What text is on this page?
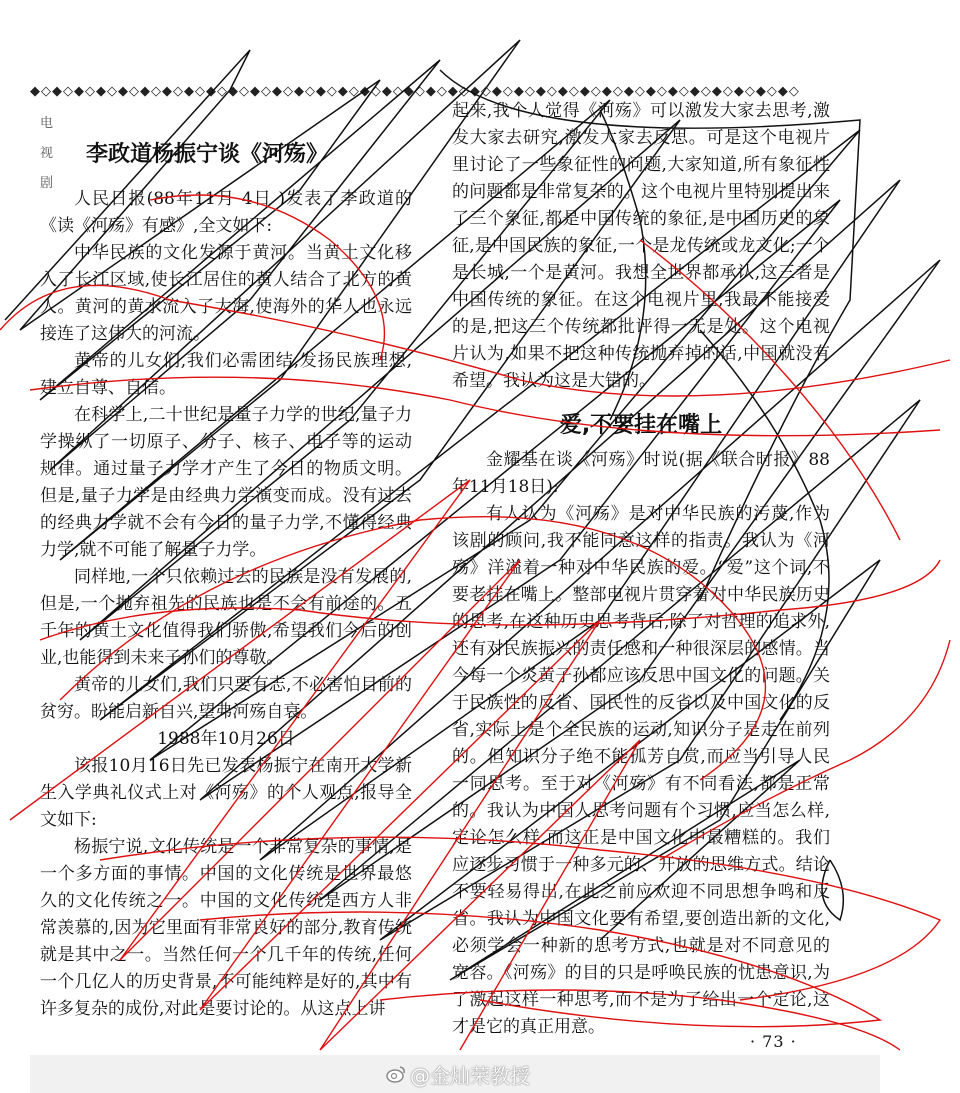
◆◇◆◇◆◇◆◇◆◇◆◇◆◇◆◇◆◇◆◇◆◇◆◇◆◇◆◇◆◇◆◇◆◇◆◇◆◇◆◇◆◇◆◇◆◇◆◇◆◇◆◇◆◇◆◇◆◇◆◇◆◇◆◇◆◇◆◇◆◇
电
视
剧
李政道杨振宁谈《河殇》

人民日报(88年11月 4日 )发表了李政道的《读《河殇》有感》,全文如下:

中华民族的文化发源于黄河。当黄土文化移入了长江区域,使长江居住的黄人结合了北方的黄人。黄河的黄水流入了大海,使海外的华人也永远接连了这伟大的河流。

黄帝的儿女们,我们必需团结,发扬民族理想,建立自尊、自信。

在科学上,二十世纪是量子力学的世纪,量子力学操纵了一切原子、分子、核子、电子等的运动规律。通过量子力学才产生了今日的物质文明。但是,量子力学是由经典力学演变而成。没有过去的经典力学就不会有今日的量子力学,不懂得经典力学,就不可能了解量子力学。

同样地,一个只依赖过去的民族是没有发展的,但是,一个抛弃祖先的民族也是不会有前途的。五千年的黄土文化值得我们骄傲,希望我们今后的创业,也能得到未来子孙们的尊敬。

黄帝的儿女们,我们只要有志,不必害怕目前的贫穷。盼能启新自兴,望弗河殇自衰。

1988年10月26日

该报10月16日先已发表杨振宁在南开大学新生入学典礼仪式上对《河殇》的个人观点,报导全文如下:

杨振宁说,文化传统是一个非常复杂的事情,是一个多方面的事情。中国的文化传统是世界最悠久的文化传统之一。中国的文化传统是西方人非常羡慕的,因为它里面有非常良好的部分,教育传统就是其中之一。当然任何一个几千年的传统,任何一个几亿人的历史背景,不可能纯粹是好的,其中有许多复杂的成份,对此是要讨论的。从这点上讲

起来,我个人觉得《河殇》可以激发大家去思考,激发大家去研究,激发大家去反思。可是这个电视片里讨论了一些象征性的问题,大家知道,所有象征性的问题都是非常复杂的。这个电视片里特别提出来了三个象征,都是中国传统的象征,是中国历史的象征,是中国民族的象征,一个是龙传统或龙文化;一个是长城,一个是黄河。我想全世界都承认,这三者是中国传统的象征。在这个电视片里,我最不能接受的是,把这三个传统都批评得一无是处。这个电视片认为,如果不把这种传统抛弃掉的话,中国就没有希望。我认为这是大错的。

爱,不要挂在嘴上

金耀基在谈《河殇》时说(据《联合时报》88年11月18日):

有人认为《河殇》是对中华民族的污蔑,作为该剧的顾问,我不能同意这样的指责。我认为《河殇》洋溢着一种对中华民族的爱。“爱”这个词,不要老挂在嘴上。整部电视片贯穿着对中华民族历史的思考,在这种历史思考背后,除了对哲理的追求外,还有对民族振兴的责任感和一种很深层的感情。当今每一个炎黄子孙都应该反思中国文化的问题。关于民族性的反省、国民性的反省以及中国文化的反省,实际上是个全民族的运动,知识分子是走在前列的。但知识分子绝不能孤芳自赏,而应当引导人民一同思考。至于对《河殇》有不同看法,都是正常的。我认为中国人思考问题有个习惯,应当怎么样,定论怎么样,而这正是中国文化中最糟糕的。我们应逐步习惯于一种多元的、开放的思维方式。结论不要轻易得出,在此之前应欢迎不同思想争鸣和反省。我认为中国文化要有希望,要创造出新的文化,必须学会一种新的思考方式,也就是对不同意见的宽容。《河殇》的目的只是呼唤民族的忧患意识,为了激起这样一种思考,而不是为了给出一个定论,这才是它的真正用意。

· 73 ·
@金灿荣教授
